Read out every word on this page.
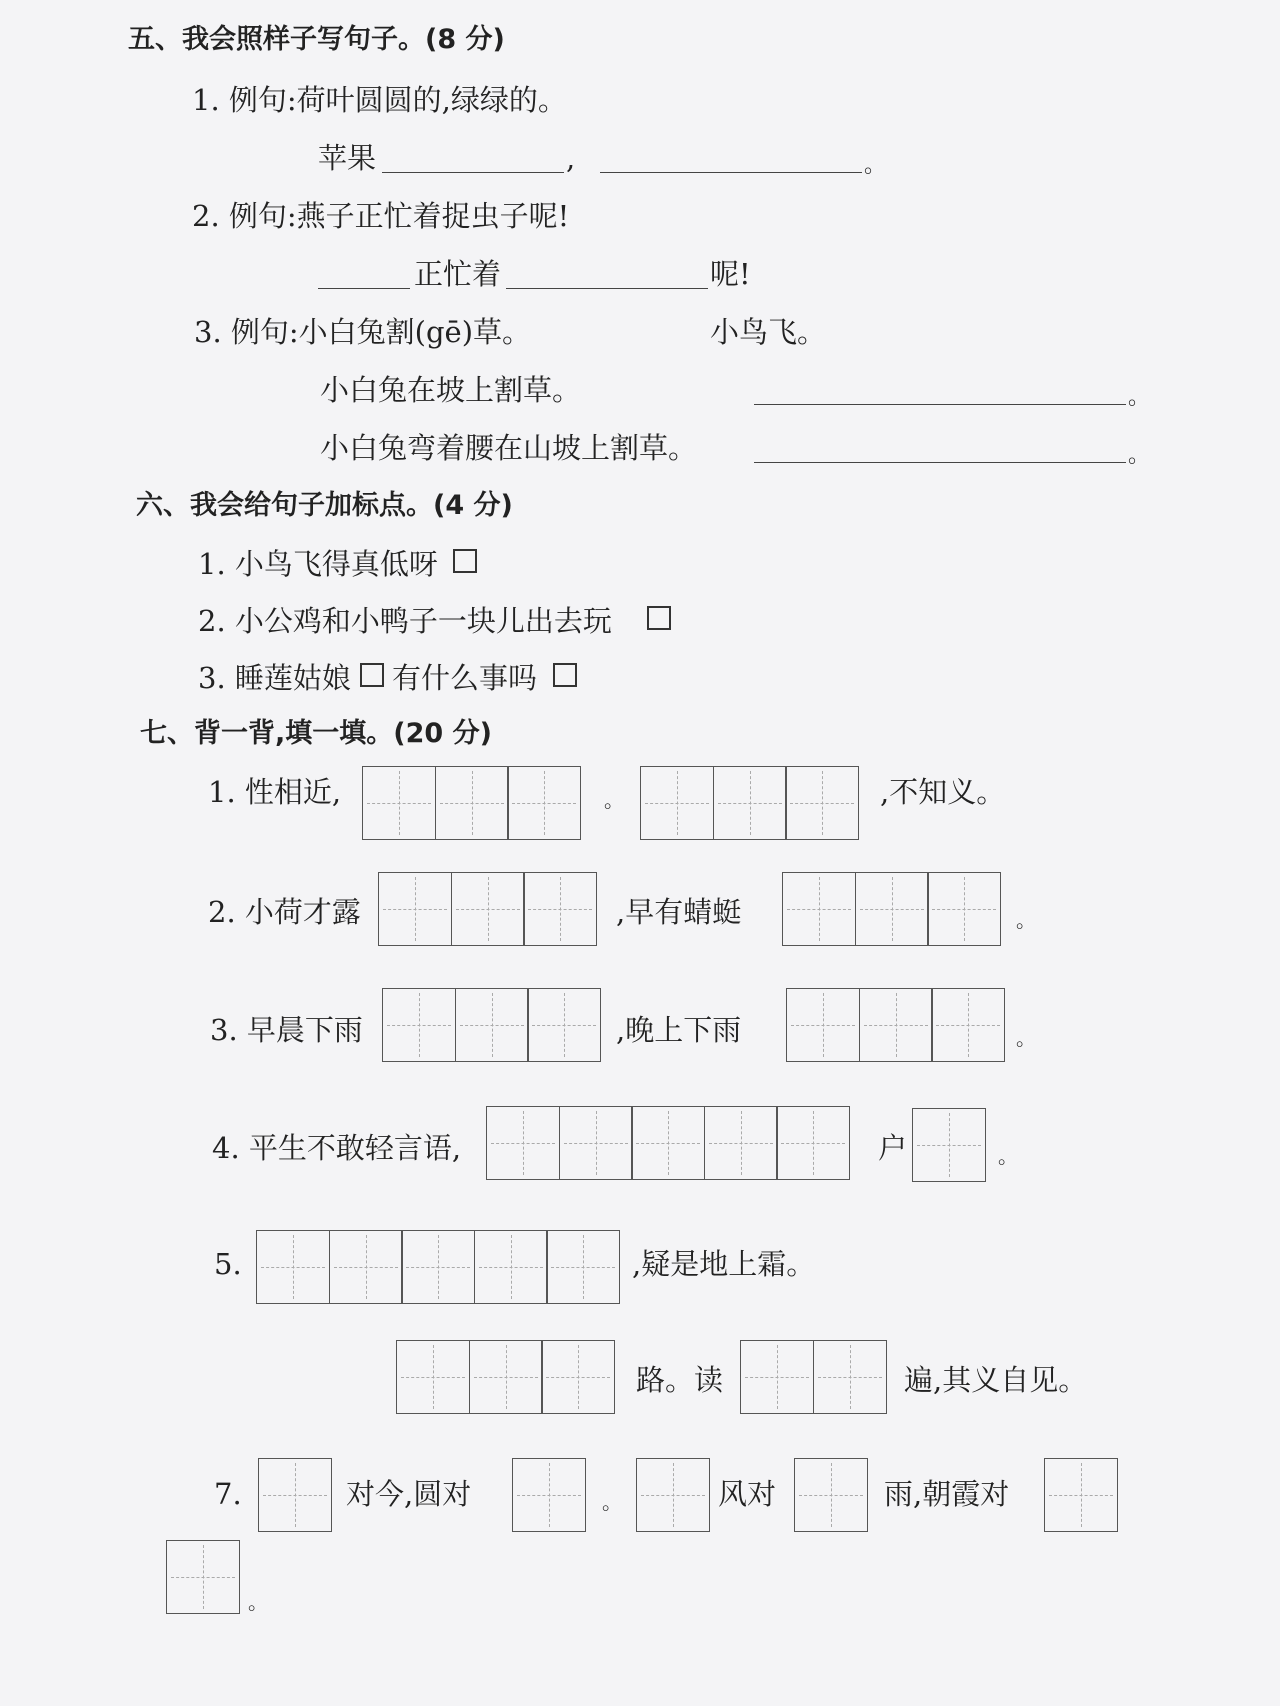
五、我会照样子写句子。(8 分)
1. 例句:荷叶圆圆的,绿绿的。
苹果	,	。
2. 例句:燕子正忙着捉虫子呢!
正忙着	呢!
3. 例句:小白兔割(gē)草。	小鸟飞。
小白兔在坡上割草。	。
小白兔弯着腰在山坡上割草。	。
六、我会给句子加标点。(4 分)
1. 小鸟飞得真低呀
2. 小公鸡和小鸭子一块儿出去玩
3. 睡莲姑娘 有什么事吗
七、背一背,填一填。(20 分)
1. 性相近,	。	,不知义。
2. 小荷才露	,早有蜻蜓	。
3. 早晨下雨	,晚上下雨	。
4. 平生不敢轻言语,	户	。
5.	,疑是地上霜。
路。读	遍,其义自见。
7.	对今,圆对	。	风对	雨,朝霞对
。
